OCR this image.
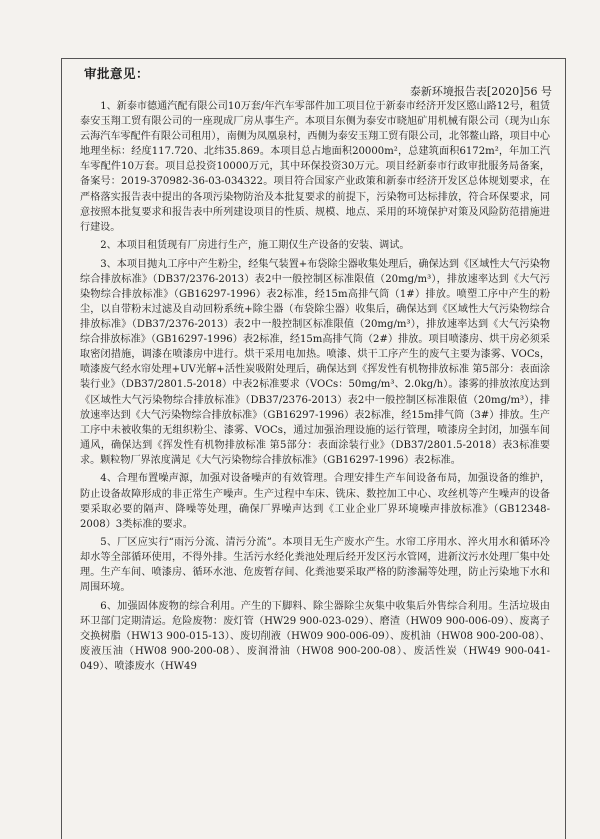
审批意见：
泰新环境报告表[2020]56 号

1、新泰市德通汽配有限公司10万套/年汽车零部件加工项目位于新泰市经济开发区愍山路12号，租赁泰安玉翔工贸有限公司的一座现成厂房从事生产。本项目东侧为泰安市晓旭矿用机械有限公司（现为山东云海汽车零配件有限公司租用），南侧为凤凰泉村，西侧为泰安玉翔工贸有限公司，北邻鳌山路，项目中心地理坐标：经度117.720、北纬35.869。本项目总占地面积20000m²，总建筑面积6172m²，年加工汽车零配件10万套。项目总投资10000万元，其中环保投资30万元。项目经新泰市行政审批服务局备案，备案号：2019-370982-36-03-034322。项目符合国家产业政策和新泰市经济开发区总体规划要求，在严格落实报告表中提出的各项污染物防治及本批复要求的前提下，污染物可达标排放，符合环保要求，同意按照本批复要求和报告表中所列建设项目的性质、规模、地点、采用的环境保护对策及风险防范措施进行建设。

2、本项目租赁现有厂房进行生产，施工期仅生产设备的安装、调试。

3、本项目抛丸工序中产生粉尘，经集气装置+布袋除尘器收集处理后，确保达到《区域性大气污染物综合排放标准》（DB37/2376-2013）表2中一般控制区标准限值（20mg/m³），排放速率达到《大气污染物综合排放标准》（GB16297-1996）表2标准，经15m高排气筒（1#）排放。喷塑工序中产生的粉尘，以自带粉末过滤及自动回粉系统+除尘器（布袋除尘器）收集后，确保达到《区域性大气污染物综合排放标准》（DB37/2376-2013）表2中一般控制区标准限值（20mg/m³），排放速率达到《大气污染物综合排放标准》（GB16297-1996）表2标准，经15m高排气筒（2#）排放。项目喷漆房、烘干房必须采取密闭措施，调漆在喷漆房中进行。烘干采用电加热。喷漆、烘干工序产生的废气主要为漆雾、VOCs，喷漆废气经水帘处理+UV光解+活性炭吸附处理后，确保达到《挥发性有机物排放标准 第5部分：表面涂装行业》（DB37/2801.5-2018）中表2标准要求（VOCs：50mg/m³、2.0kg/h）。漆雾的排放浓度达到《区域性大气污染物综合排放标准》（DB37/2376-2013）表2中一般控制区标准限值（20mg/m³），排放速率达到《大气污染物综合排放标准》（GB16297-1996）表2标准，经15m排气筒（3#）排放。生产工序中未被收集的无组织粉尘、漆雾、VOCs，通过加强治理设施的运行管理，喷漆房全封闭，加强车间通风，确保达到《挥发性有机物排放标准 第5部分：表面涂装行业》（DB37/2801.5-2018）表3标准要求。颗粒物厂界浓度满足《大气污染物综合排放标准》（GB16297-1996）表2标准。

4、合理布置噪声源，加强对设备噪声的有效管理。合理安排生产车间设备布局，加强设备的维护，防止设备故障形成的非正常生产噪声。生产过程中车床、铣床、数控加工中心、攻丝机等产生噪声的设备要采取必要的隔声、降噪等处理，确保厂界噪声达到《工业企业厂界环境噪声排放标准》（GB12348-2008）3类标准的要求。

5、厂区应实行“雨污分流、清污分流”。本项目无生产废水产生。水帘工序用水、淬火用水和循环冷却水等全部循环使用，不得外排。生活污水经化粪池处理后经开发区污水管网，进新汶污水处理厂集中处理。生产车间、喷漆房、循环水池、危废暂存间、化粪池要采取严格的防渗漏等处理，防止污染地下水和周围环境。

6、加强固体废物的综合利用。产生的下脚料、除尘器除尘灰集中收集后外售综合利用。生活垃圾由环卫部门定期清运。危险废物：废灯管（HW29 900-023-029）、磨渣（HW09 900-006-09）、废离子交换树脂（HW13 900-015-13）、废切削液（HW09 900-006-09）、废机油（HW08 900-200-08）、废液压油（HW08 900-200-08）、废润滑油（HW08 900-200-08）、废活性炭（HW49 900-041-049）、喷漆废水（HW49
